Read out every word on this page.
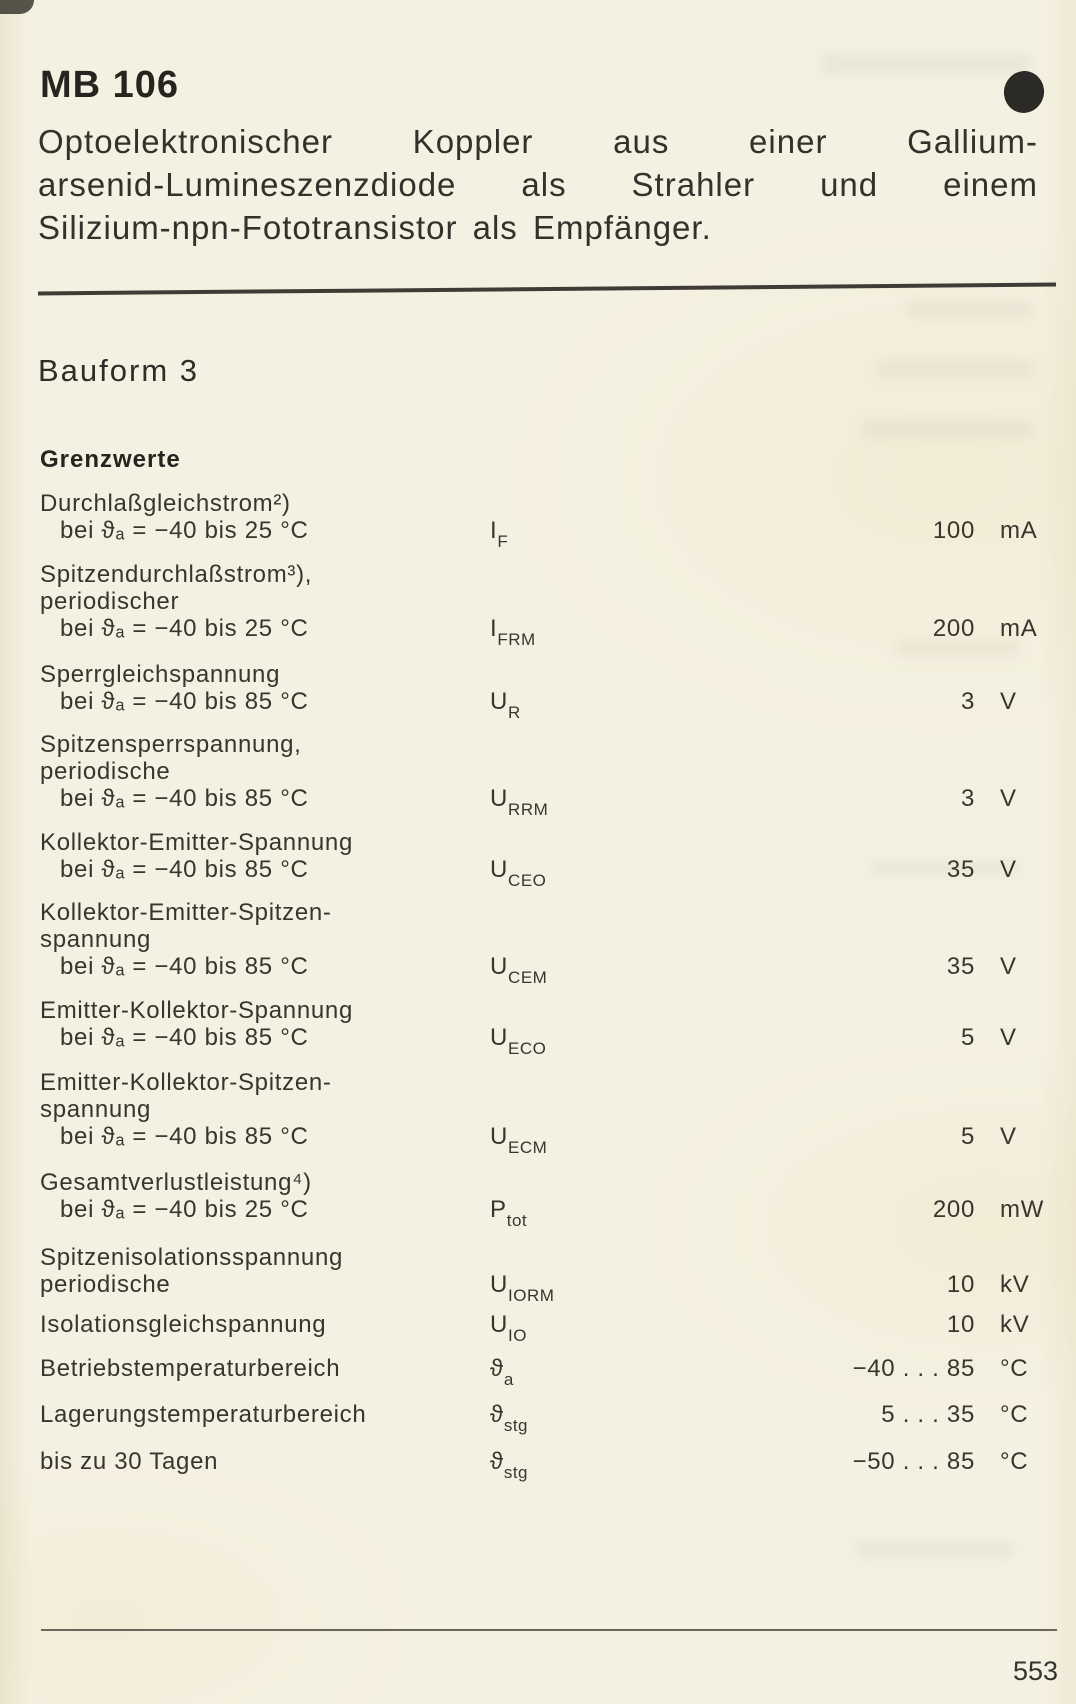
MB 106
Optoelektronischer Koppler aus einer Gallium-
arsenid-Lumineszenzdiode als Strahler und einem
Silizium-npn-Fototransistor als Empfänger.
Bauform 3
Grenzwerte
Durchlaßgleichstrom²)
bei ϑₐ = −40 bis 25 °C	IF	100 mA
Spitzendurchlaßstrom³),
periodischer
bei ϑₐ = −40 bis 25 °C	IFRM	200 mA
Sperrgleichspannung
bei ϑₐ = −40 bis 85 °C	UR	3 V
Spitzensperrspannung,
periodische
bei ϑₐ = −40 bis 85 °C	URRM	3 V
Kollektor-Emitter-Spannung
bei ϑₐ = −40 bis 85 °C	UCEO	35 V
Kollektor-Emitter-Spitzen-
spannung
bei ϑₐ = −40 bis 85 °C	UCEM	35 V
Emitter-Kollektor-Spannung
bei ϑₐ = −40 bis 85 °C	UECO	5 V
Emitter-Kollektor-Spitzen-
spannung
bei ϑₐ = −40 bis 85 °C	UECM	5 V
Gesamtverlustleistung⁴)
bei ϑₐ = −40 bis 25 °C	Ptot	200 mW
Spitzenisolationsspannung
periodische	UIORM	10 kV
Isolationsgleichspannung	UIO	10 kV
Betriebstemperaturbereich	ϑa	−40 . . . 85 °C
Lagerungstemperaturbereich	ϑstg	5 . . . 35 °C
bis zu 30 Tagen	ϑstg	−50 . . . 85 °C
553
